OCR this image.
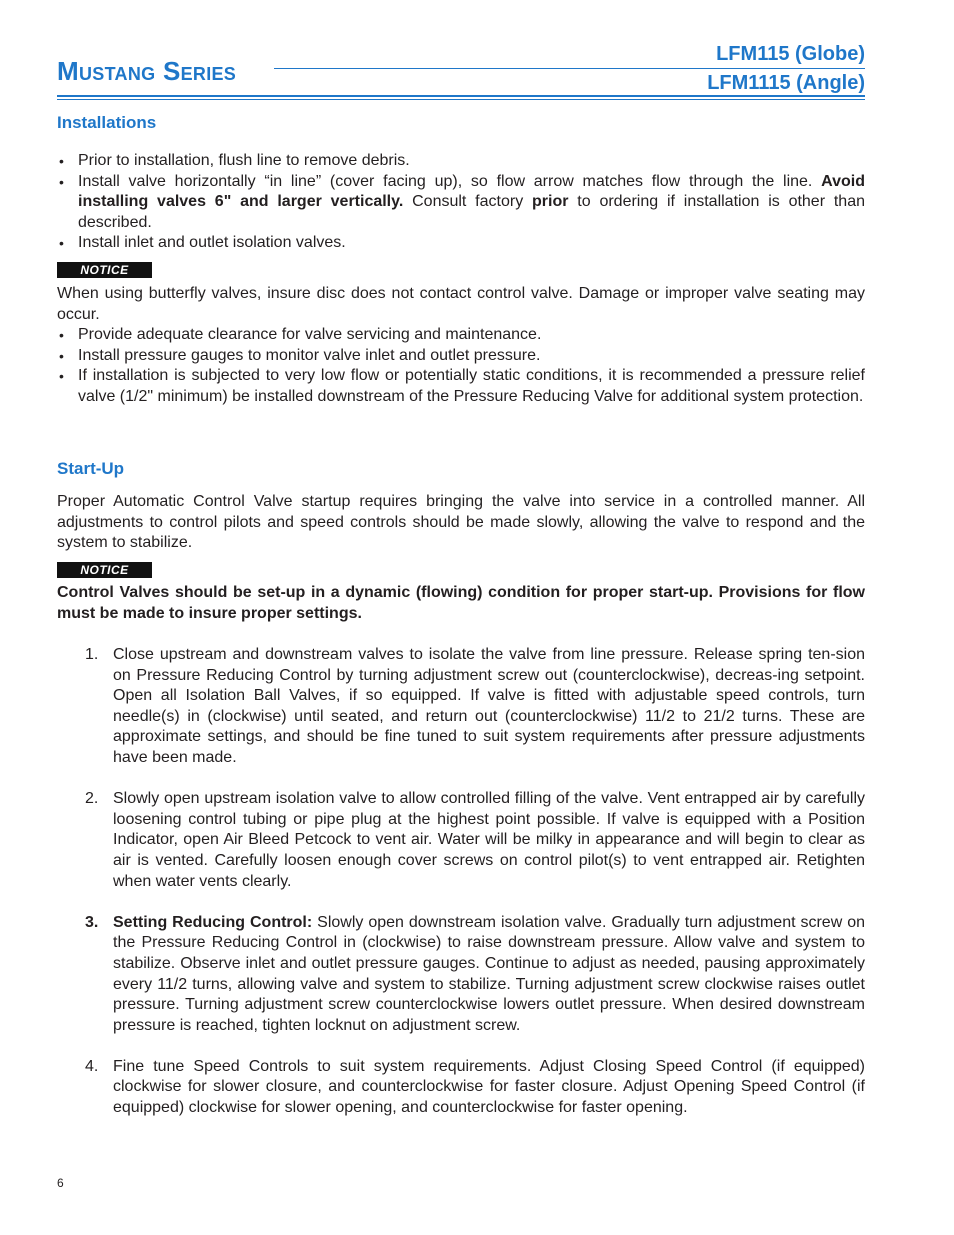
Mustang Series
LFM115 (Globe)
LFM1115 (Angle)
Installations
• Prior to installation, flush line to remove debris.
• Install valve horizontally “in line” (cover facing up), so flow arrow matches flow through the line. Avoid installing valves 6" and larger vertically. Consult factory prior to ordering if installation is other than described.
• Install inlet and outlet isolation valves.
NOTICE

When using butterfly valves, insure disc does not contact control valve. Damage or improper valve seating may occur.

• Provide adequate clearance for valve servicing and maintenance.
• Install pressure gauges to monitor valve inlet and outlet pressure.
• If installation is subjected to very low flow or potentially static conditions, it is recommended a pressure relief valve (1/2" minimum) be installed downstream of the Pressure Reducing Valve for additional system protection.
Start-Up
Proper Automatic Control Valve startup requires bringing the valve into service in a controlled manner. All adjustments to control pilots and speed controls should be made slowly, allowing the valve to respond and the system to stabilize.
NOTICE
Control Valves should be set-up in a dynamic (flowing) condition for proper start-up. Provisions for flow must be made to insure proper settings.
1. Close upstream and downstream valves to isolate the valve from line pressure. Release spring ten-sion on Pressure Reducing Control by turning adjustment screw out (counterclockwise), decreas-ing setpoint. Open all Isolation Ball Valves, if so equipped. If valve is fitted with adjustable speed controls, turn needle(s) in (clockwise) until seated, and return out (counterclockwise) 11/2 to 21/2 turns. These are approximate settings, and should be fine tuned to suit system requirements after pressure adjustments have been made.
2. Slowly open upstream isolation valve to allow controlled filling of the valve. Vent entrapped air by carefully loosening control tubing or pipe plug at the highest point possible. If valve is equipped with a Position Indicator, open Air Bleed Petcock to vent air. Water will be milky in appearance and will begin to clear as air is vented. Carefully loosen enough cover screws on control pilot(s) to vent entrapped air. Retighten when water vents clearly.
3. Setting Reducing Control: Slowly open downstream isolation valve. Gradually turn adjustment screw on the Pressure Reducing Control in (clockwise) to raise downstream pressure. Allow valve and system to stabilize. Observe inlet and outlet pressure gauges. Continue to adjust as needed, pausing approximately every 11/2 turns, allowing valve and system to stabilize. Turning adjustment screw clockwise raises outlet pressure. Turning adjustment screw counterclockwise lowers outlet pressure. When desired downstream pressure is reached, tighten locknut on adjustment screw.
4. Fine tune Speed Controls to suit system requirements. Adjust Closing Speed Control (if equipped) clockwise for slower closure, and counterclockwise for faster closure. Adjust Opening Speed Control (if equipped) clockwise for slower opening, and counterclockwise for faster opening.
6
